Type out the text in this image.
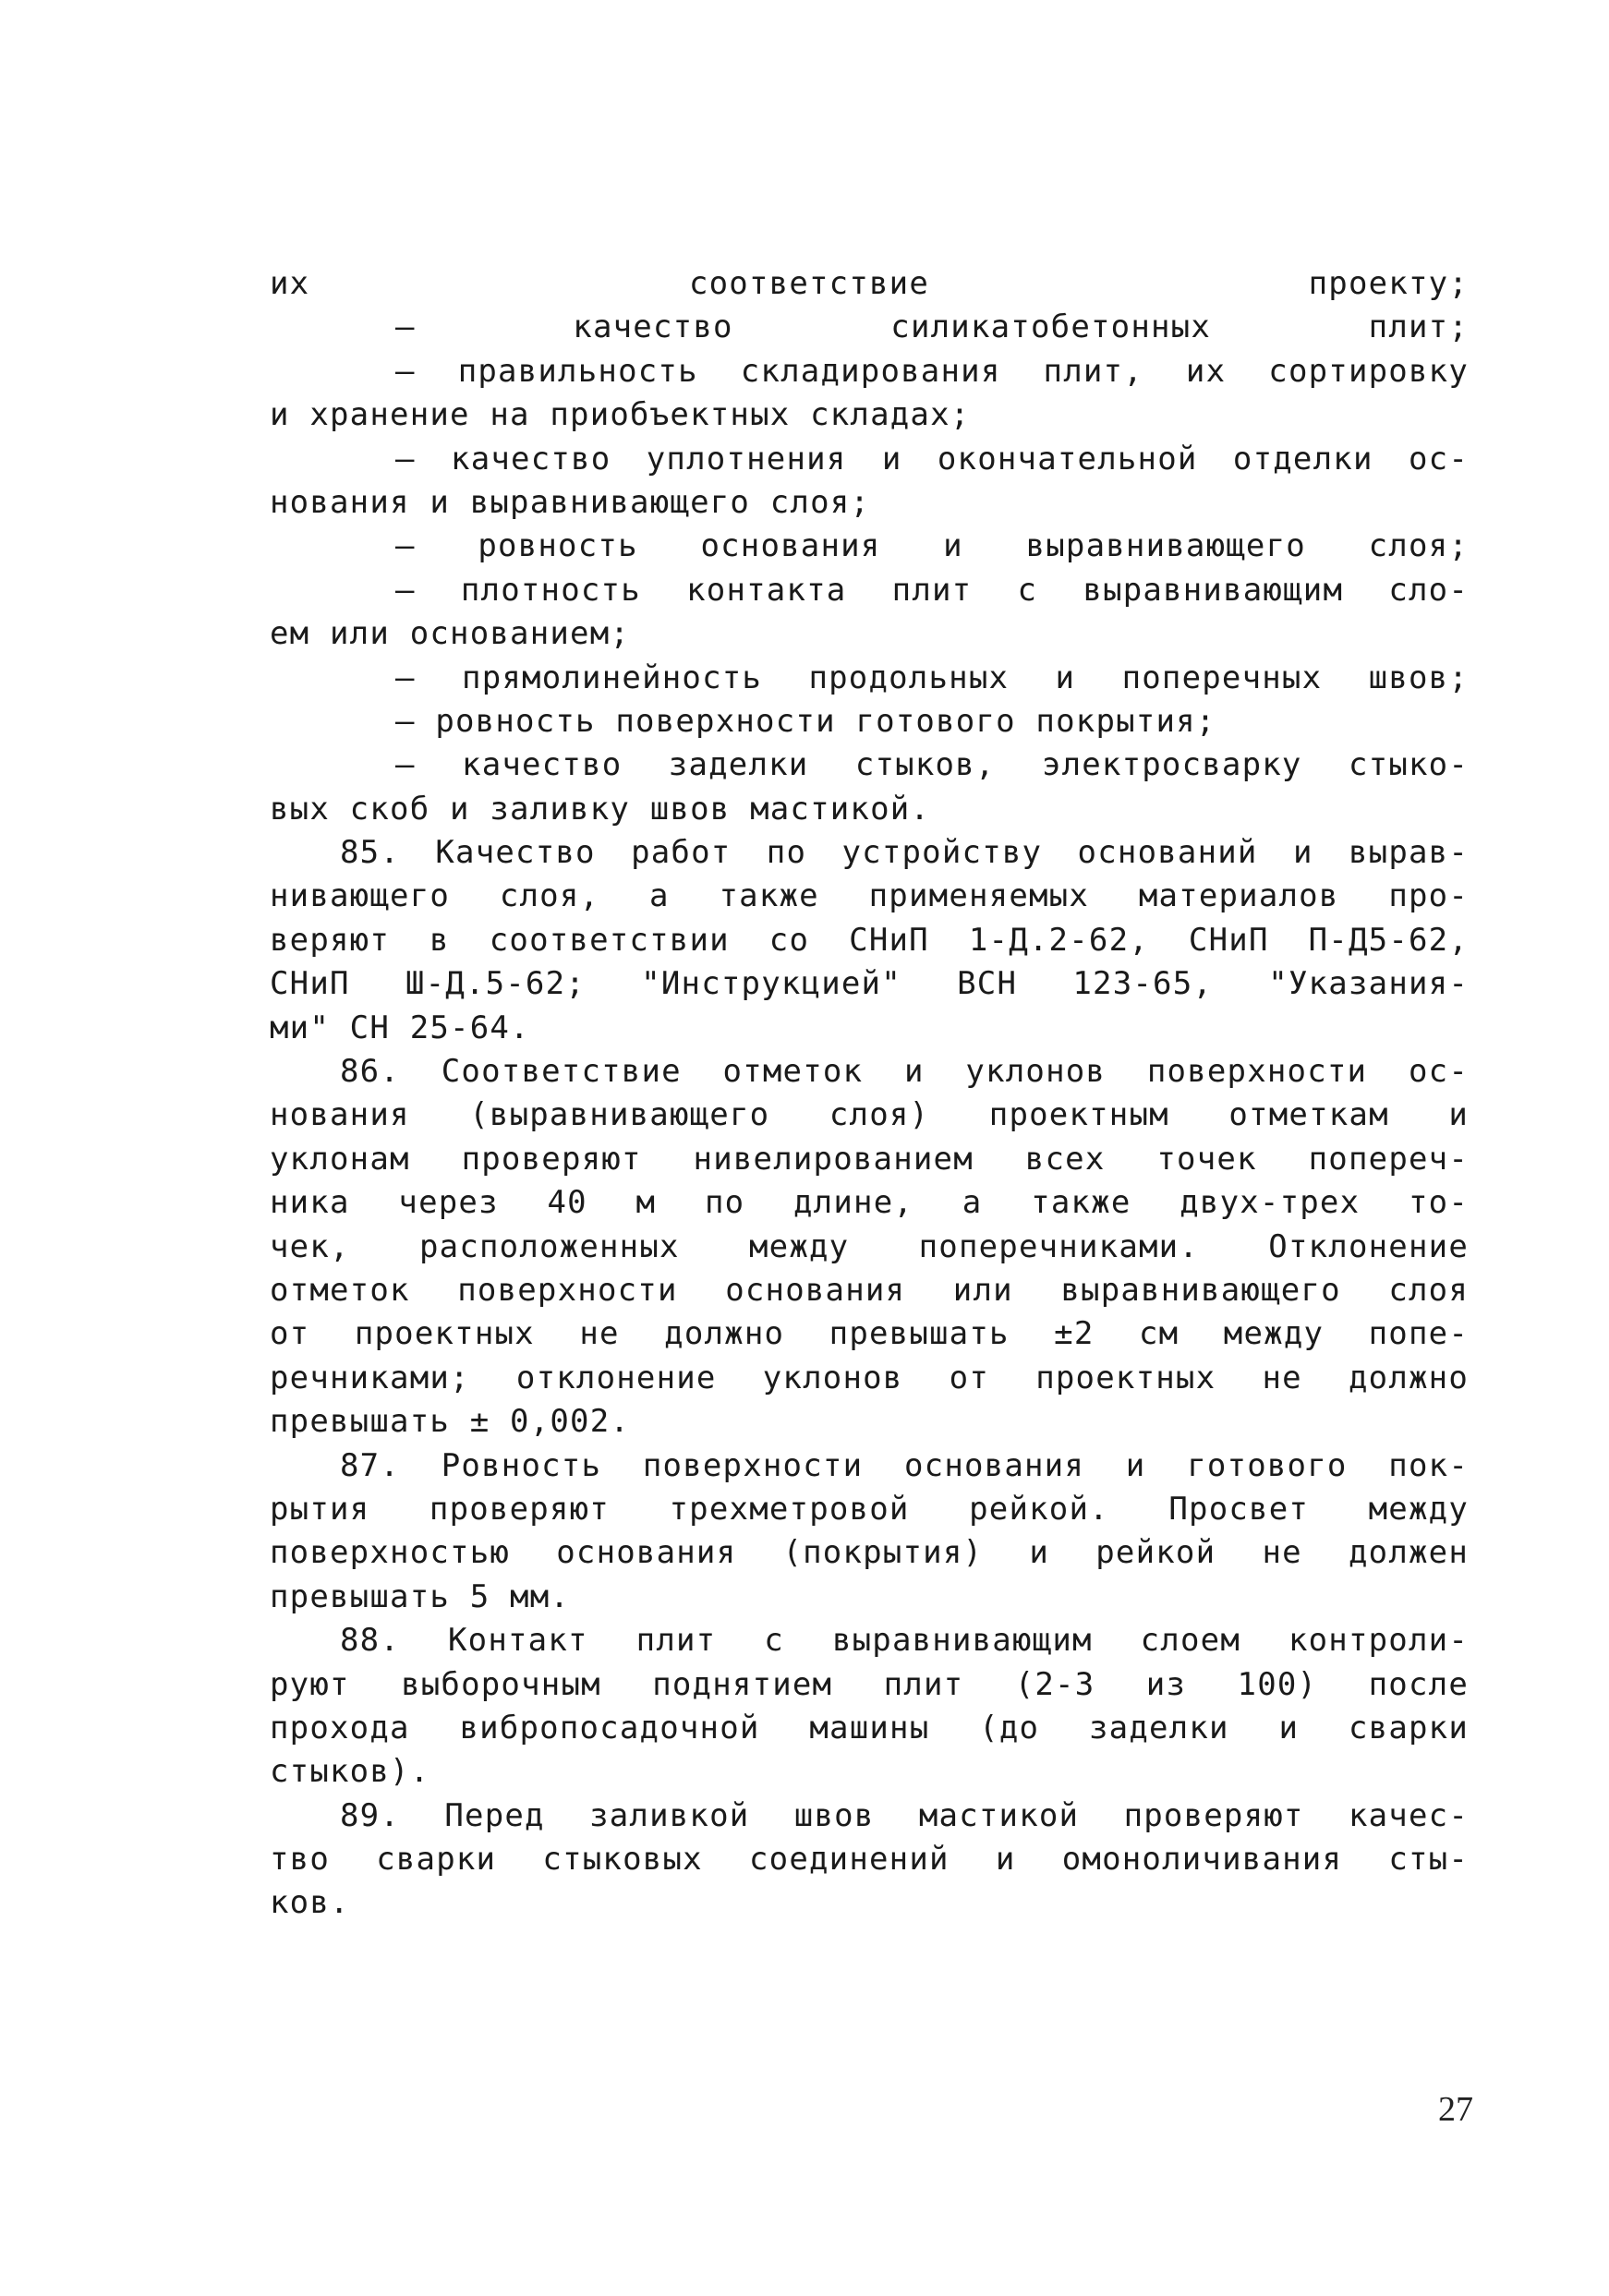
их соответствие проекту;
– качество силикатобетонных плит;
– правильность складирования плит, их сортировку
и хранение на приобъектных складах;
– качество уплотнения и окончательной отделки ос-
нования и выравнивающего слоя;
– ровность основания и выравнивающего слоя;
– плотность контакта плит с выравнивающим сло-
ем или основанием;
– прямолинейность продольных и поперечных швов;
– ровность поверхности готового покрытия;
– качество заделки стыков, электросварку стыко-
вых скоб и заливку швов мастикой.
85. Качество работ по устройству оснований и вырав-
нивающего слоя, а также применяемых материалов про-
веряют в соответствии со СНиП 1-Д.2-62, СНиП П-Д5-62,
СНиП Ш-Д.5-62; "Инструкцией" ВСН 123-65, "Указания-
ми" СН 25-64.
86. Соответствие отметок и уклонов поверхности ос-
нования (выравнивающего слоя) проектным отметкам и
уклонам проверяют нивелированием всех точек попереч-
ника через 40 м по длине, а также двух-трех то-
чек, расположенных между поперечниками. Отклонение
отметок поверхности основания или выравнивающего слоя
от проектных не должно превышать ±2 см между попе-
речниками; отклонение уклонов от проектных не должно
превышать ± 0,002.
87. Ровность поверхности основания и готового пок-
рытия проверяют трехметровой рейкой. Просвет между
поверхностью основания (покрытия) и рейкой не должен
превышать 5 мм.
88. Контакт плит с выравнивающим слоем контроли-
руют выборочным поднятием плит (2-3 из 100) после
прохода вибропосадочной машины (до заделки и сварки
стыков).
89. Перед заливкой швов мастикой проверяют качес-
тво сварки стыковых соединений и омоноличивания сты-
ков.
27
